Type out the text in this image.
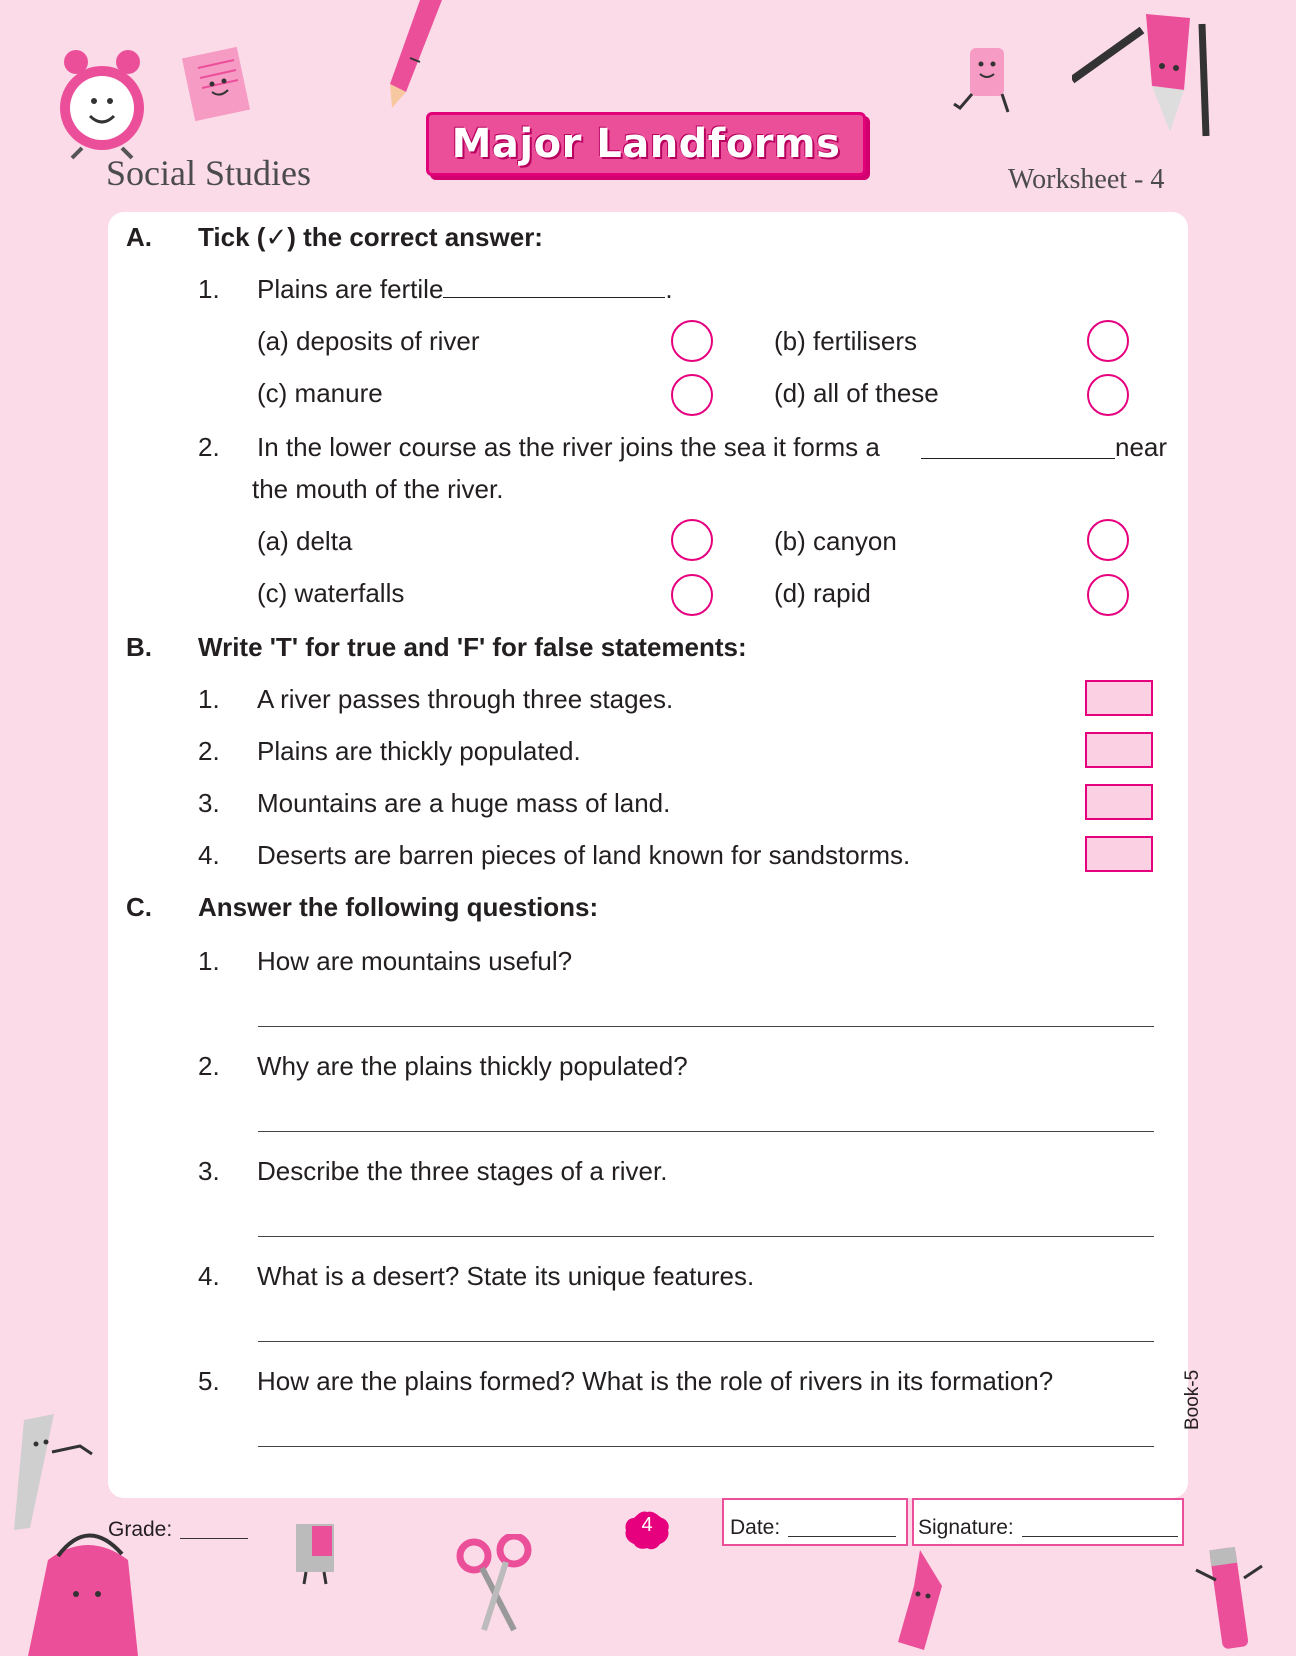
Social Studies
Major Landforms
Worksheet - 4
A. Tick (✓) the correct answer:
1. Plains are fertile	.
(a) deposits of river	(b) fertilisers
(c) manure	(d) all of these
2. In the lower course as the river joins the sea it forms a	near
the mouth of the river.
(a) delta	(b) canyon
(c) waterfalls	(d) rapid
B. Write 'T' for true and 'F' for false statements:
1. A river passes through three stages.
2. Plains are thickly populated.
3. Mountains are a huge mass of land.
4. Deserts are barren pieces of land known for sandstorms.
C. Answer the following questions:
1. How are mountains useful?
2. Why are the plains thickly populated?
3. Describe the three stages of a river.
4. What is a desert? State its unique features.
5. How are the plains formed? What is the role of rivers in its formation?	Book-5
Grade:	4	Date:	Signature:
